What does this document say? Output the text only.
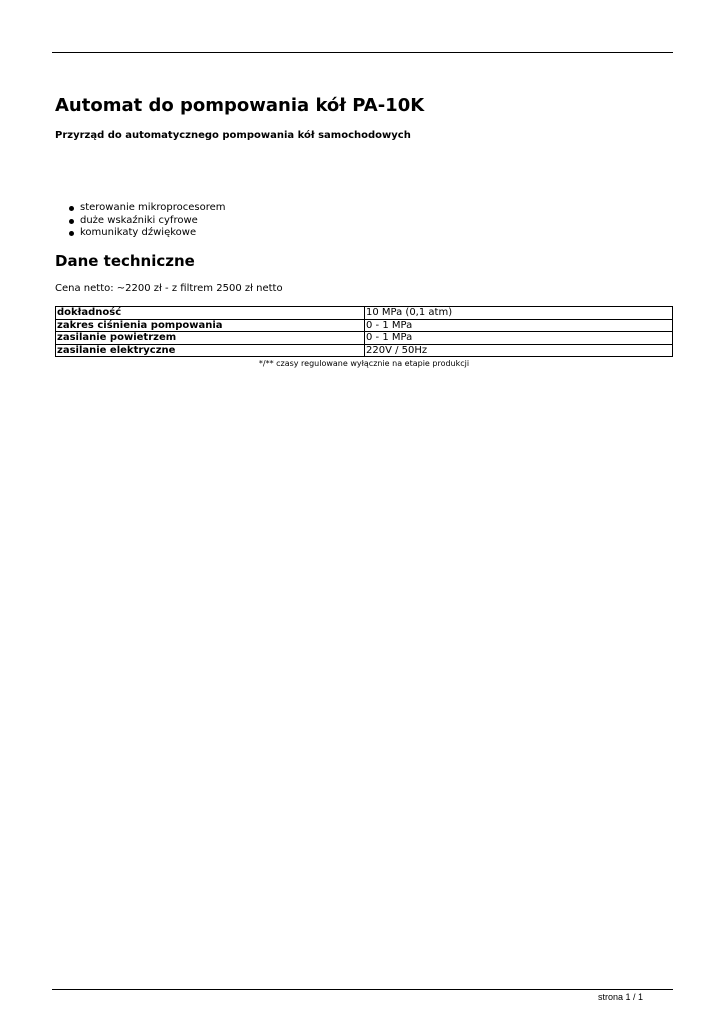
Automat do pompowania kół PA-10K

Przyrząd do automatycznego pompowania kół samochodowych

sterowanie mikroprocesorem
duże wskaźniki cyfrowe
komunikaty dźwiękowe
Dane techniczne

Cena netto: ~2200 zł - z filtrem 2500 zł netto

dokładność	10 MPa (0,1 atm)
zakres ciśnienia pompowania	0 - 1 MPa
zasilanie powietrzem	0 - 1 MPa
zasilanie elektryczne	220V / 50Hz

*/** czasy regulowane wyłącznie na etapie produkcji

strona 1 / 1
